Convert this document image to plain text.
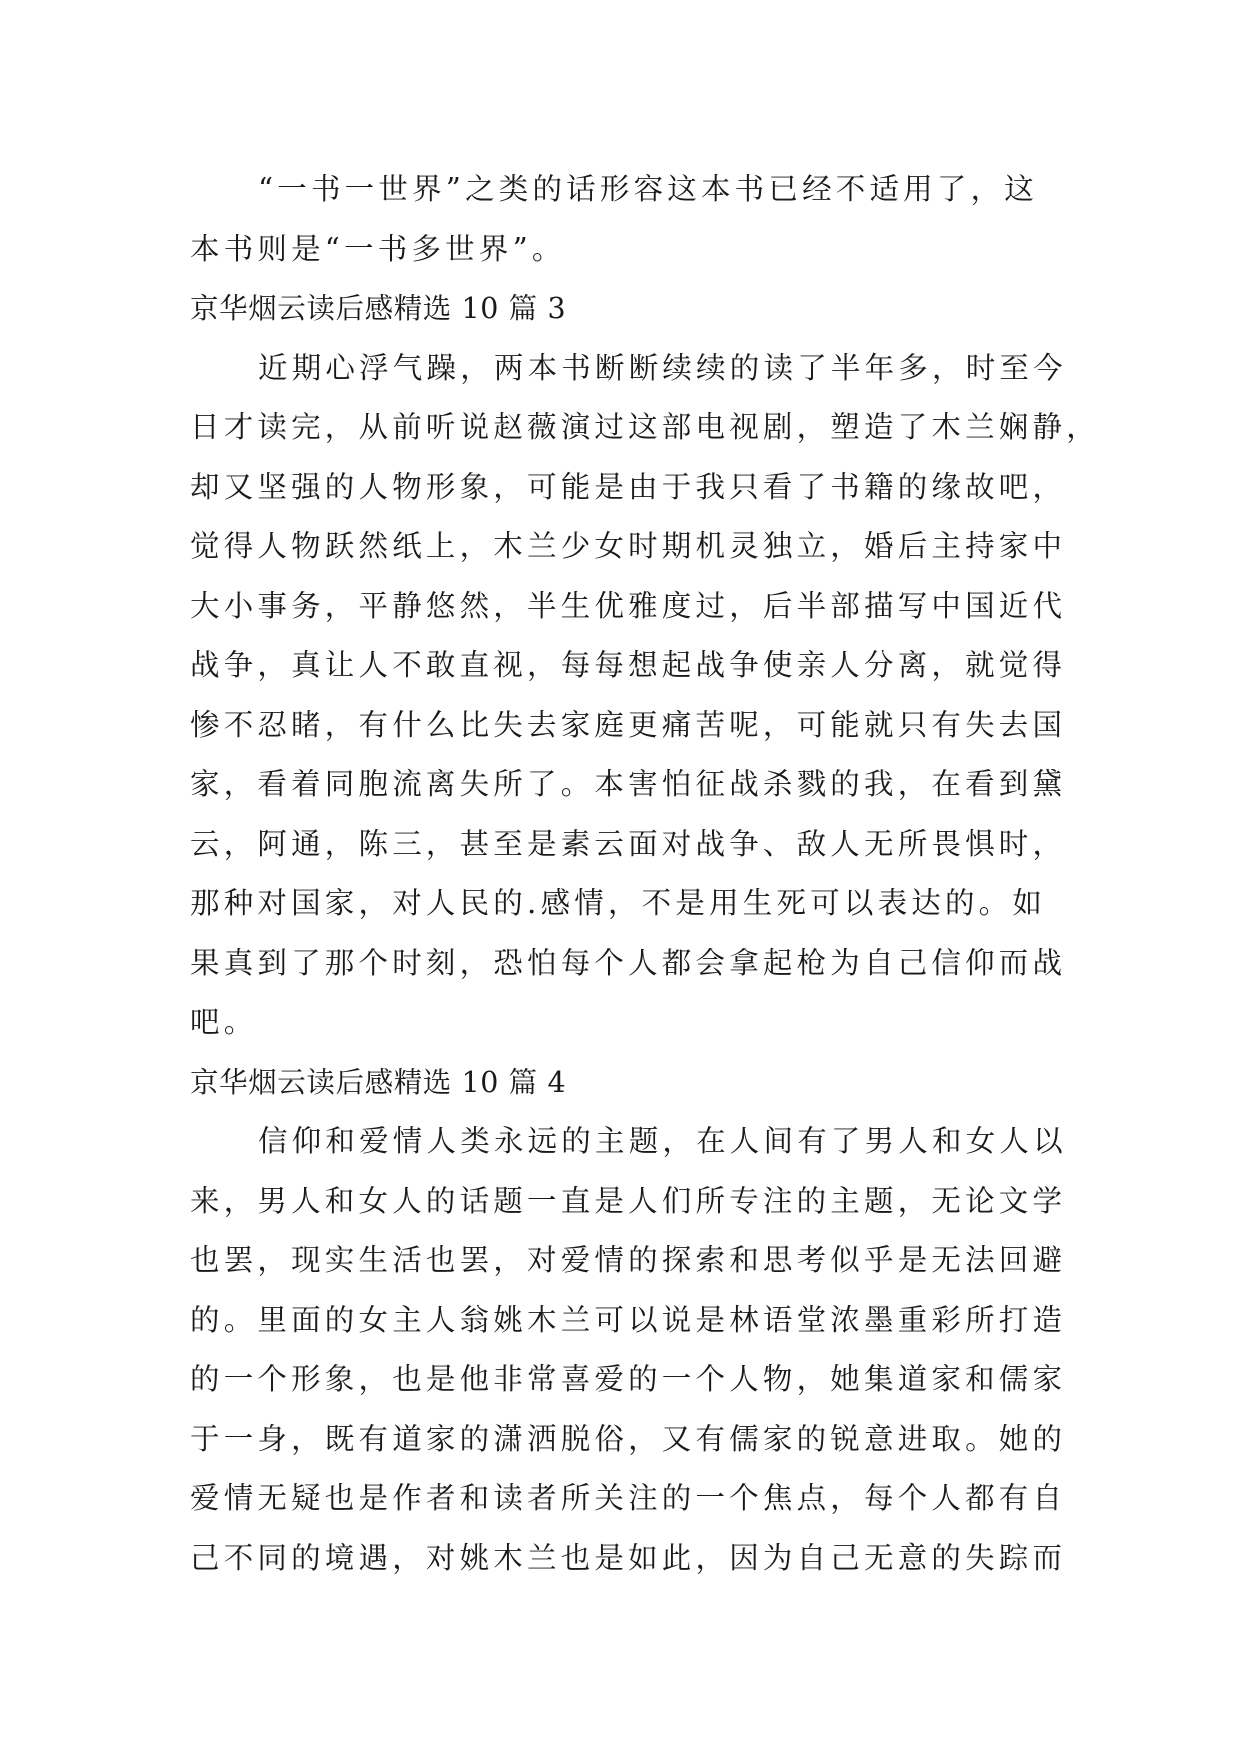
“一书一世界”之类的话形容这本书已经不适用了，这
本书则是“一书多世界”。
京华烟云读后感精选 10 篇 3
近期心浮气躁，两本书断断续续的读了半年多，时至今
日才读完，从前听说赵薇演过这部电视剧，塑造了木兰娴静，
却又坚强的人物形象，可能是由于我只看了书籍的缘故吧，
觉得人物跃然纸上，木兰少女时期机灵独立，婚后主持家中
大小事务，平静悠然，半生优雅度过，后半部描写中国近代
战争，真让人不敢直视，每每想起战争使亲人分离，就觉得
惨不忍睹，有什么比失去家庭更痛苦呢，可能就只有失去国
家，看着同胞流离失所了。本害怕征战杀戮的我，在看到黛
云，阿通，陈三，甚至是素云面对战争、敌人无所畏惧时，
那种对国家，对人民的.感情，不是用生死可以表达的。如
果真到了那个时刻，恐怕每个人都会拿起枪为自己信仰而战
吧。
京华烟云读后感精选 10 篇 4
信仰和爱情人类永远的主题，在人间有了男人和女人以
来，男人和女人的话题一直是人们所专注的主题，无论文学
也罢，现实生活也罢，对爱情的探索和思考似乎是无法回避
的。里面的女主人翁姚木兰可以说是林语堂浓墨重彩所打造
的一个形象，也是他非常喜爱的一个人物，她集道家和儒家
于一身，既有道家的潇洒脱俗，又有儒家的锐意进取。她的
爱情无疑也是作者和读者所关注的一个焦点，每个人都有自
己不同的境遇，对姚木兰也是如此，因为自己无意的失踪而
